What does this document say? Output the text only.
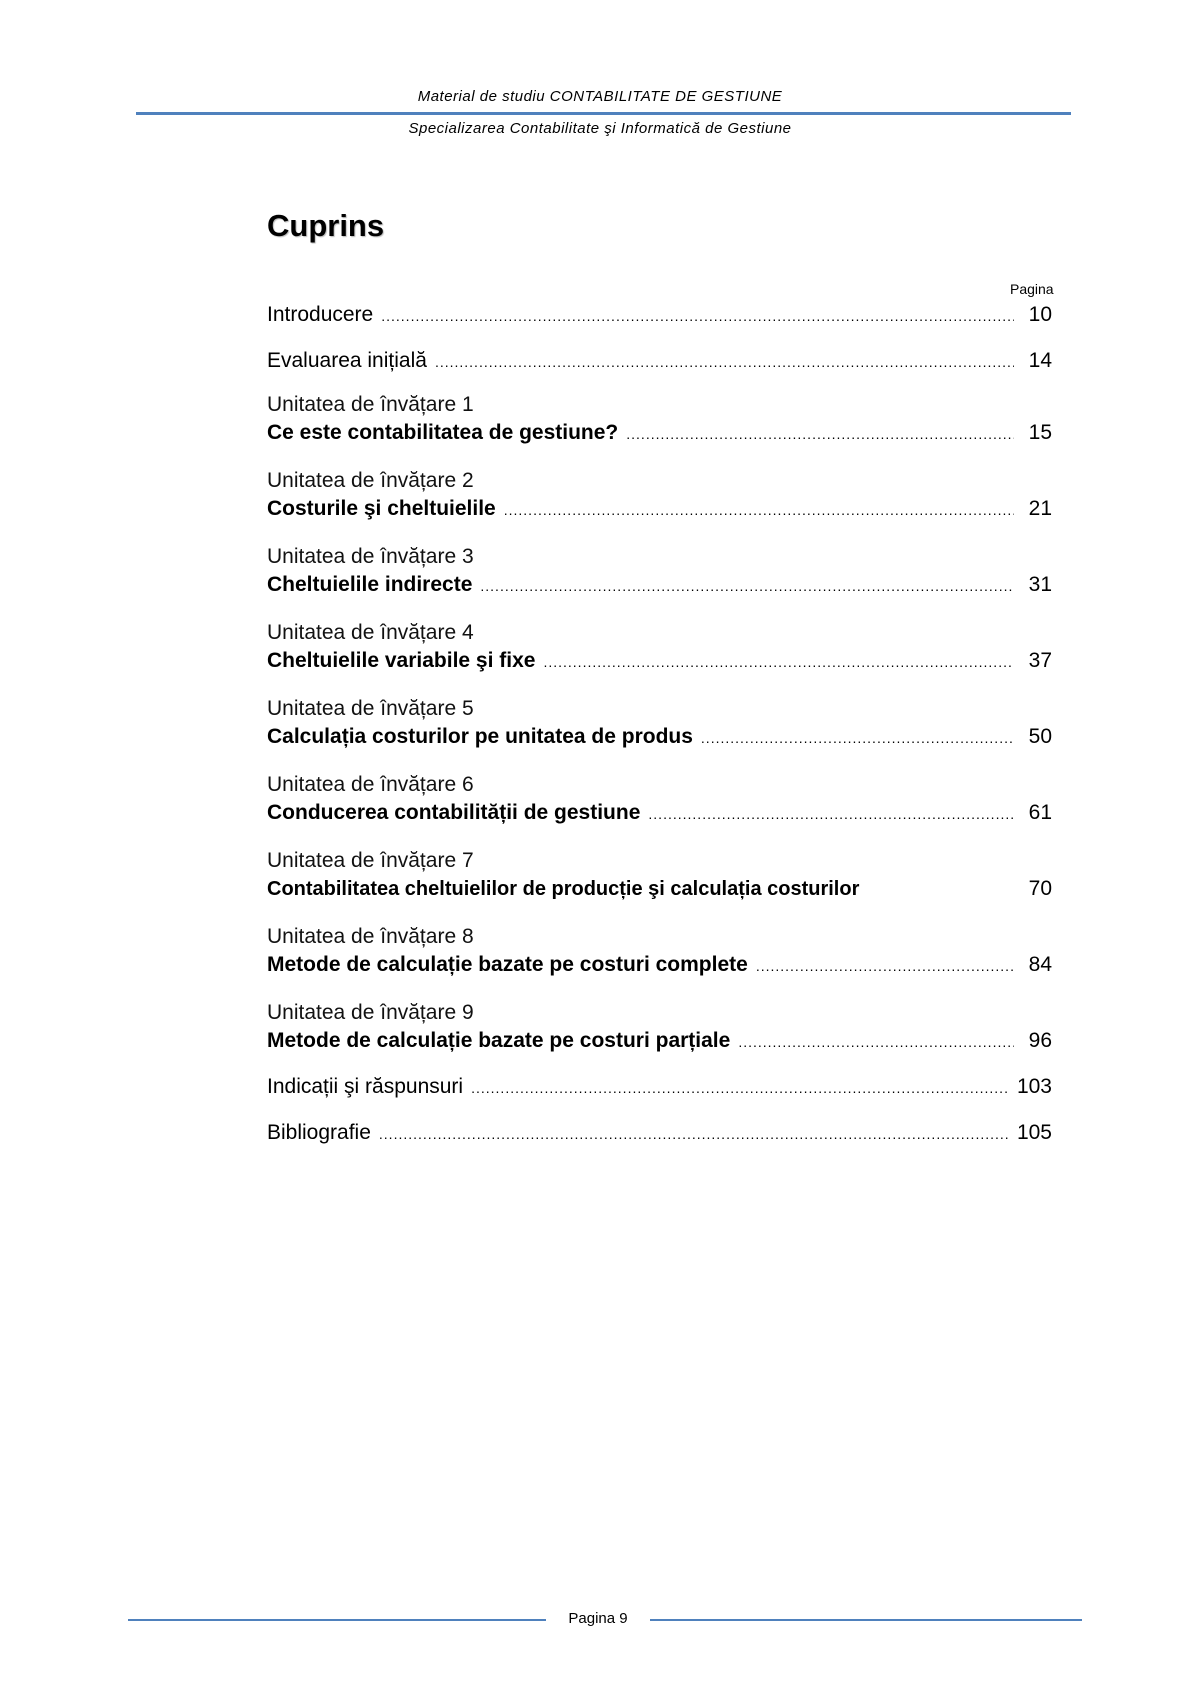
Material de studiu CONTABILITATE DE GESTIUNE
Specializarea Contabilitate şi Informatică de Gestiune
Cuprins
Pagina
Introducere .....	10
Evaluarea inițială .....	14
Unitatea de învățare 1
Ce este contabilitatea de gestiune? .....	15
Unitatea de învățare 2
Costurile şi cheltuielile .....	21
Unitatea de învățare 3
Cheltuielile indirecte .....	31
Unitatea de învățare 4
Cheltuielile variabile şi fixe .....	37
Unitatea de învățare 5
Calculația costurilor pe unitatea de produs .....	50
Unitatea de învățare 6
Conducerea contabilității de gestiune .....	61
Unitatea de învățare 7
Contabilitatea cheltuielilor de producție şi calculația costurilor	70
Unitatea de învățare 8
Metode de calculație bazate pe costuri complete .....	84
Unitatea de învățare 9
Metode de calculație bazate pe costuri parțiale .....	96
Indicații şi răspunsuri .....	103
Bibliografie .....	105
Pagina 9
